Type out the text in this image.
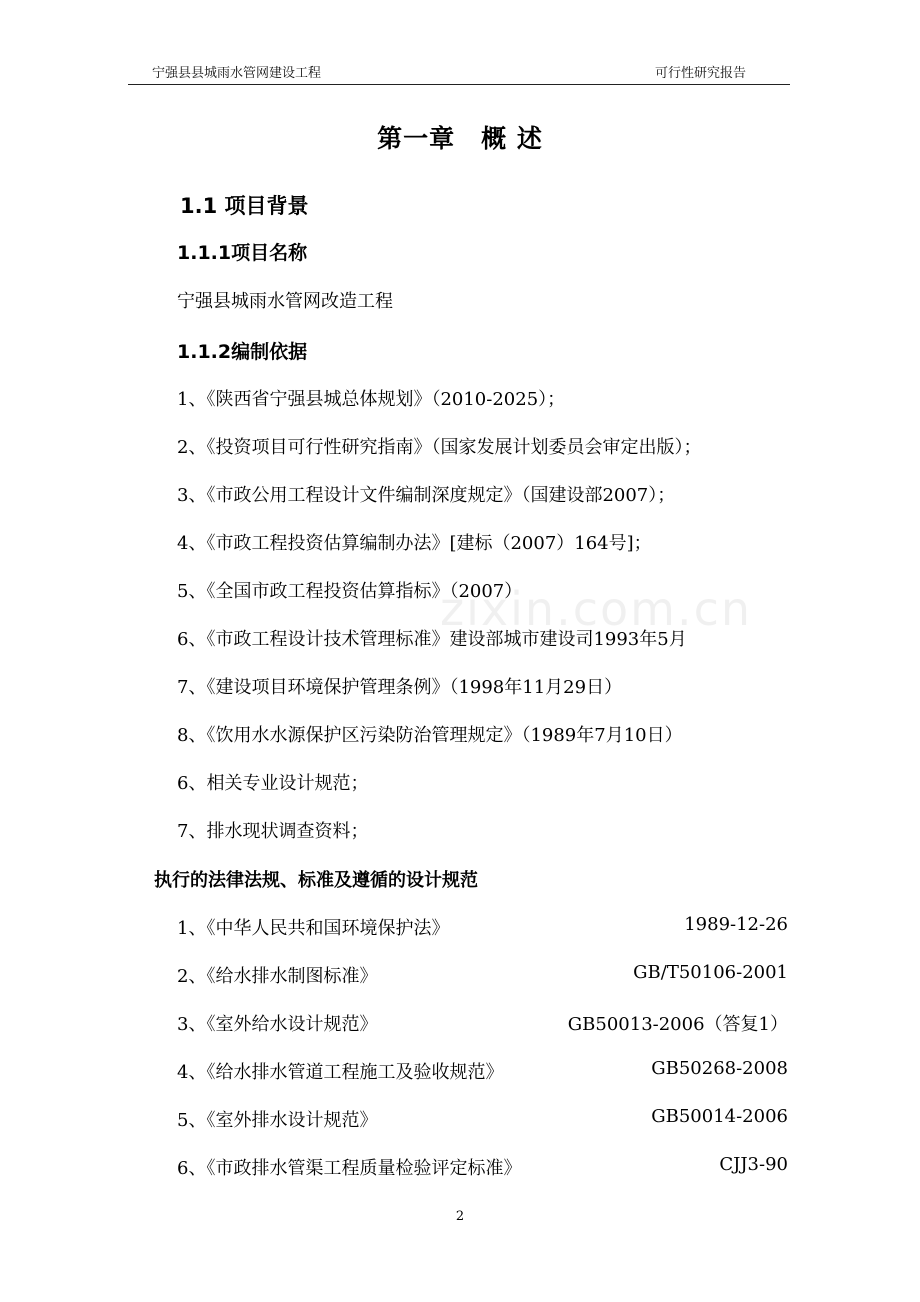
宁强县县城雨水管网建设工程	可行性研究报告
zixin.com.cn
第一章　概 述
1.1 项目背景
1.1.1项目名称
宁强县城雨水管网改造工程
1.1.2编制依据
1、《陕西省宁强县城总体规划》（2010-2025）；
2、《投资项目可行性研究指南》（国家发展计划委员会审定出版）；
3、《市政公用工程设计文件编制深度规定》（国建设部2007）；
4、《市政工程投资估算编制办法》[建标（2007）164号]；
5、《全国市政工程投资估算指标》（2007）
6、《市政工程设计技术管理标准》建设部城市建设司1993年5月
7、《建设项目环境保护管理条例》（1998年11月29日）
8、《饮用水水源保护区污染防治管理规定》（1989年7月10日）
6、相关专业设计规范；
7、排水现状调查资料；
执行的法律法规、标准及遵循的设计规范
1、《中华人民共和国环境保护法》	1989-12-26
2、《给水排水制图标准》	GB/T50106-2001
3、《室外给水设计规范》	GB50013-2006（答复1）
4、《给水排水管道工程施工及验收规范》	GB50268-2008
5、《室外排水设计规范》	GB50014-2006
6、《市政排水管渠工程质量检验评定标准》	CJJ3-90
2
